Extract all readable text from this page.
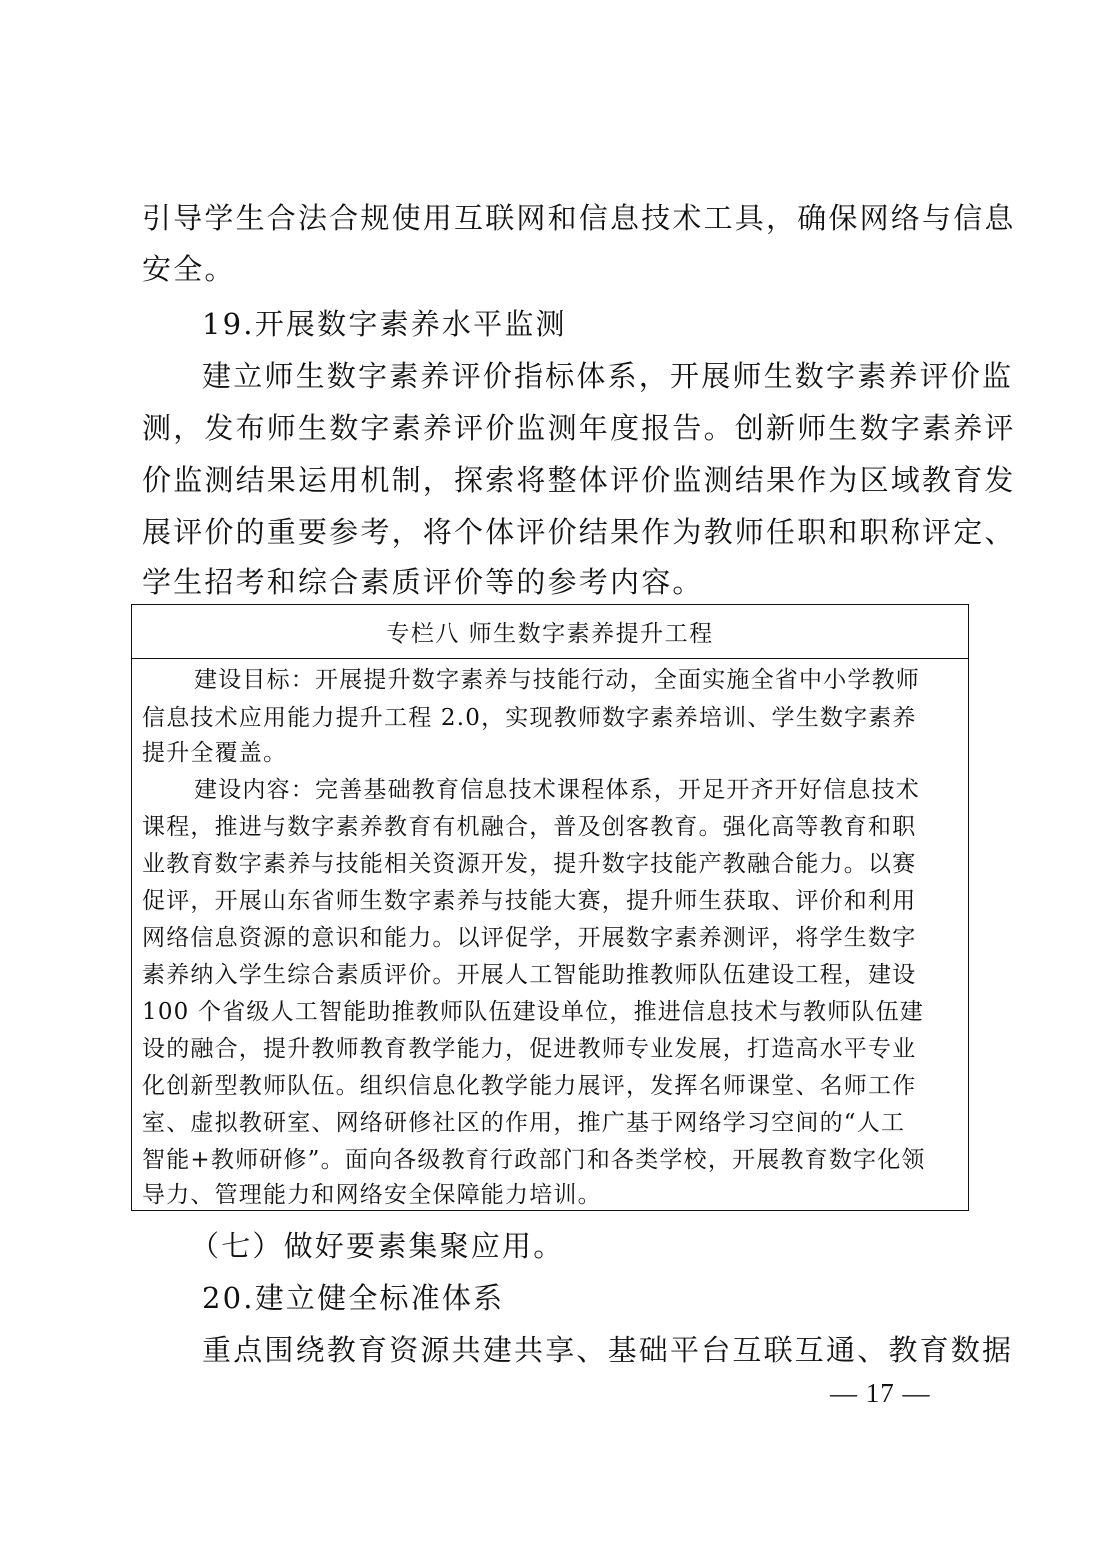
引导学生合法合规使用互联网和信息技术工具，确保网络与信息
安全。
19.开展数字素养水平监测
建立师生数字素养评价指标体系，开展师生数字素养评价监
测，发布师生数字素养评价监测年度报告。创新师生数字素养评
价监测结果运用机制，探索将整体评价监测结果作为区域教育发
展评价的重要参考，将个体评价结果作为教师任职和职称评定、
学生招考和综合素质评价等的参考内容。
专栏八 师生数字素养提升工程
建设目标：开展提升数字素养与技能行动，全面实施全省中小学教师
信息技术应用能力提升工程 2.0，实现教师数字素养培训、学生数字素养
提升全覆盖。
建设内容：完善基础教育信息技术课程体系，开足开齐开好信息技术
课程，推进与数字素养教育有机融合，普及创客教育。强化高等教育和职
业教育数字素养与技能相关资源开发，提升数字技能产教融合能力。以赛
促评，开展山东省师生数字素养与技能大赛，提升师生获取、评价和利用
网络信息资源的意识和能力。以评促学，开展数字素养测评，将学生数字
素养纳入学生综合素质评价。开展人工智能助推教师队伍建设工程，建设
100 个省级人工智能助推教师队伍建设单位，推进信息技术与教师队伍建
设的融合，提升教师教育教学能力，促进教师专业发展，打造高水平专业
化创新型教师队伍。组织信息化教学能力展评，发挥名师课堂、名师工作
室、虚拟教研室、网络研修社区的作用，推广基于网络学习空间的“人工
智能+教师研修”。面向各级教育行政部门和各类学校，开展教育数字化领
导力、管理能力和网络安全保障能力培训。
（七）做好要素集聚应用。
20.建立健全标准体系
重点围绕教育资源共建共享、基础平台互联互通、教育数据
— 17 —
